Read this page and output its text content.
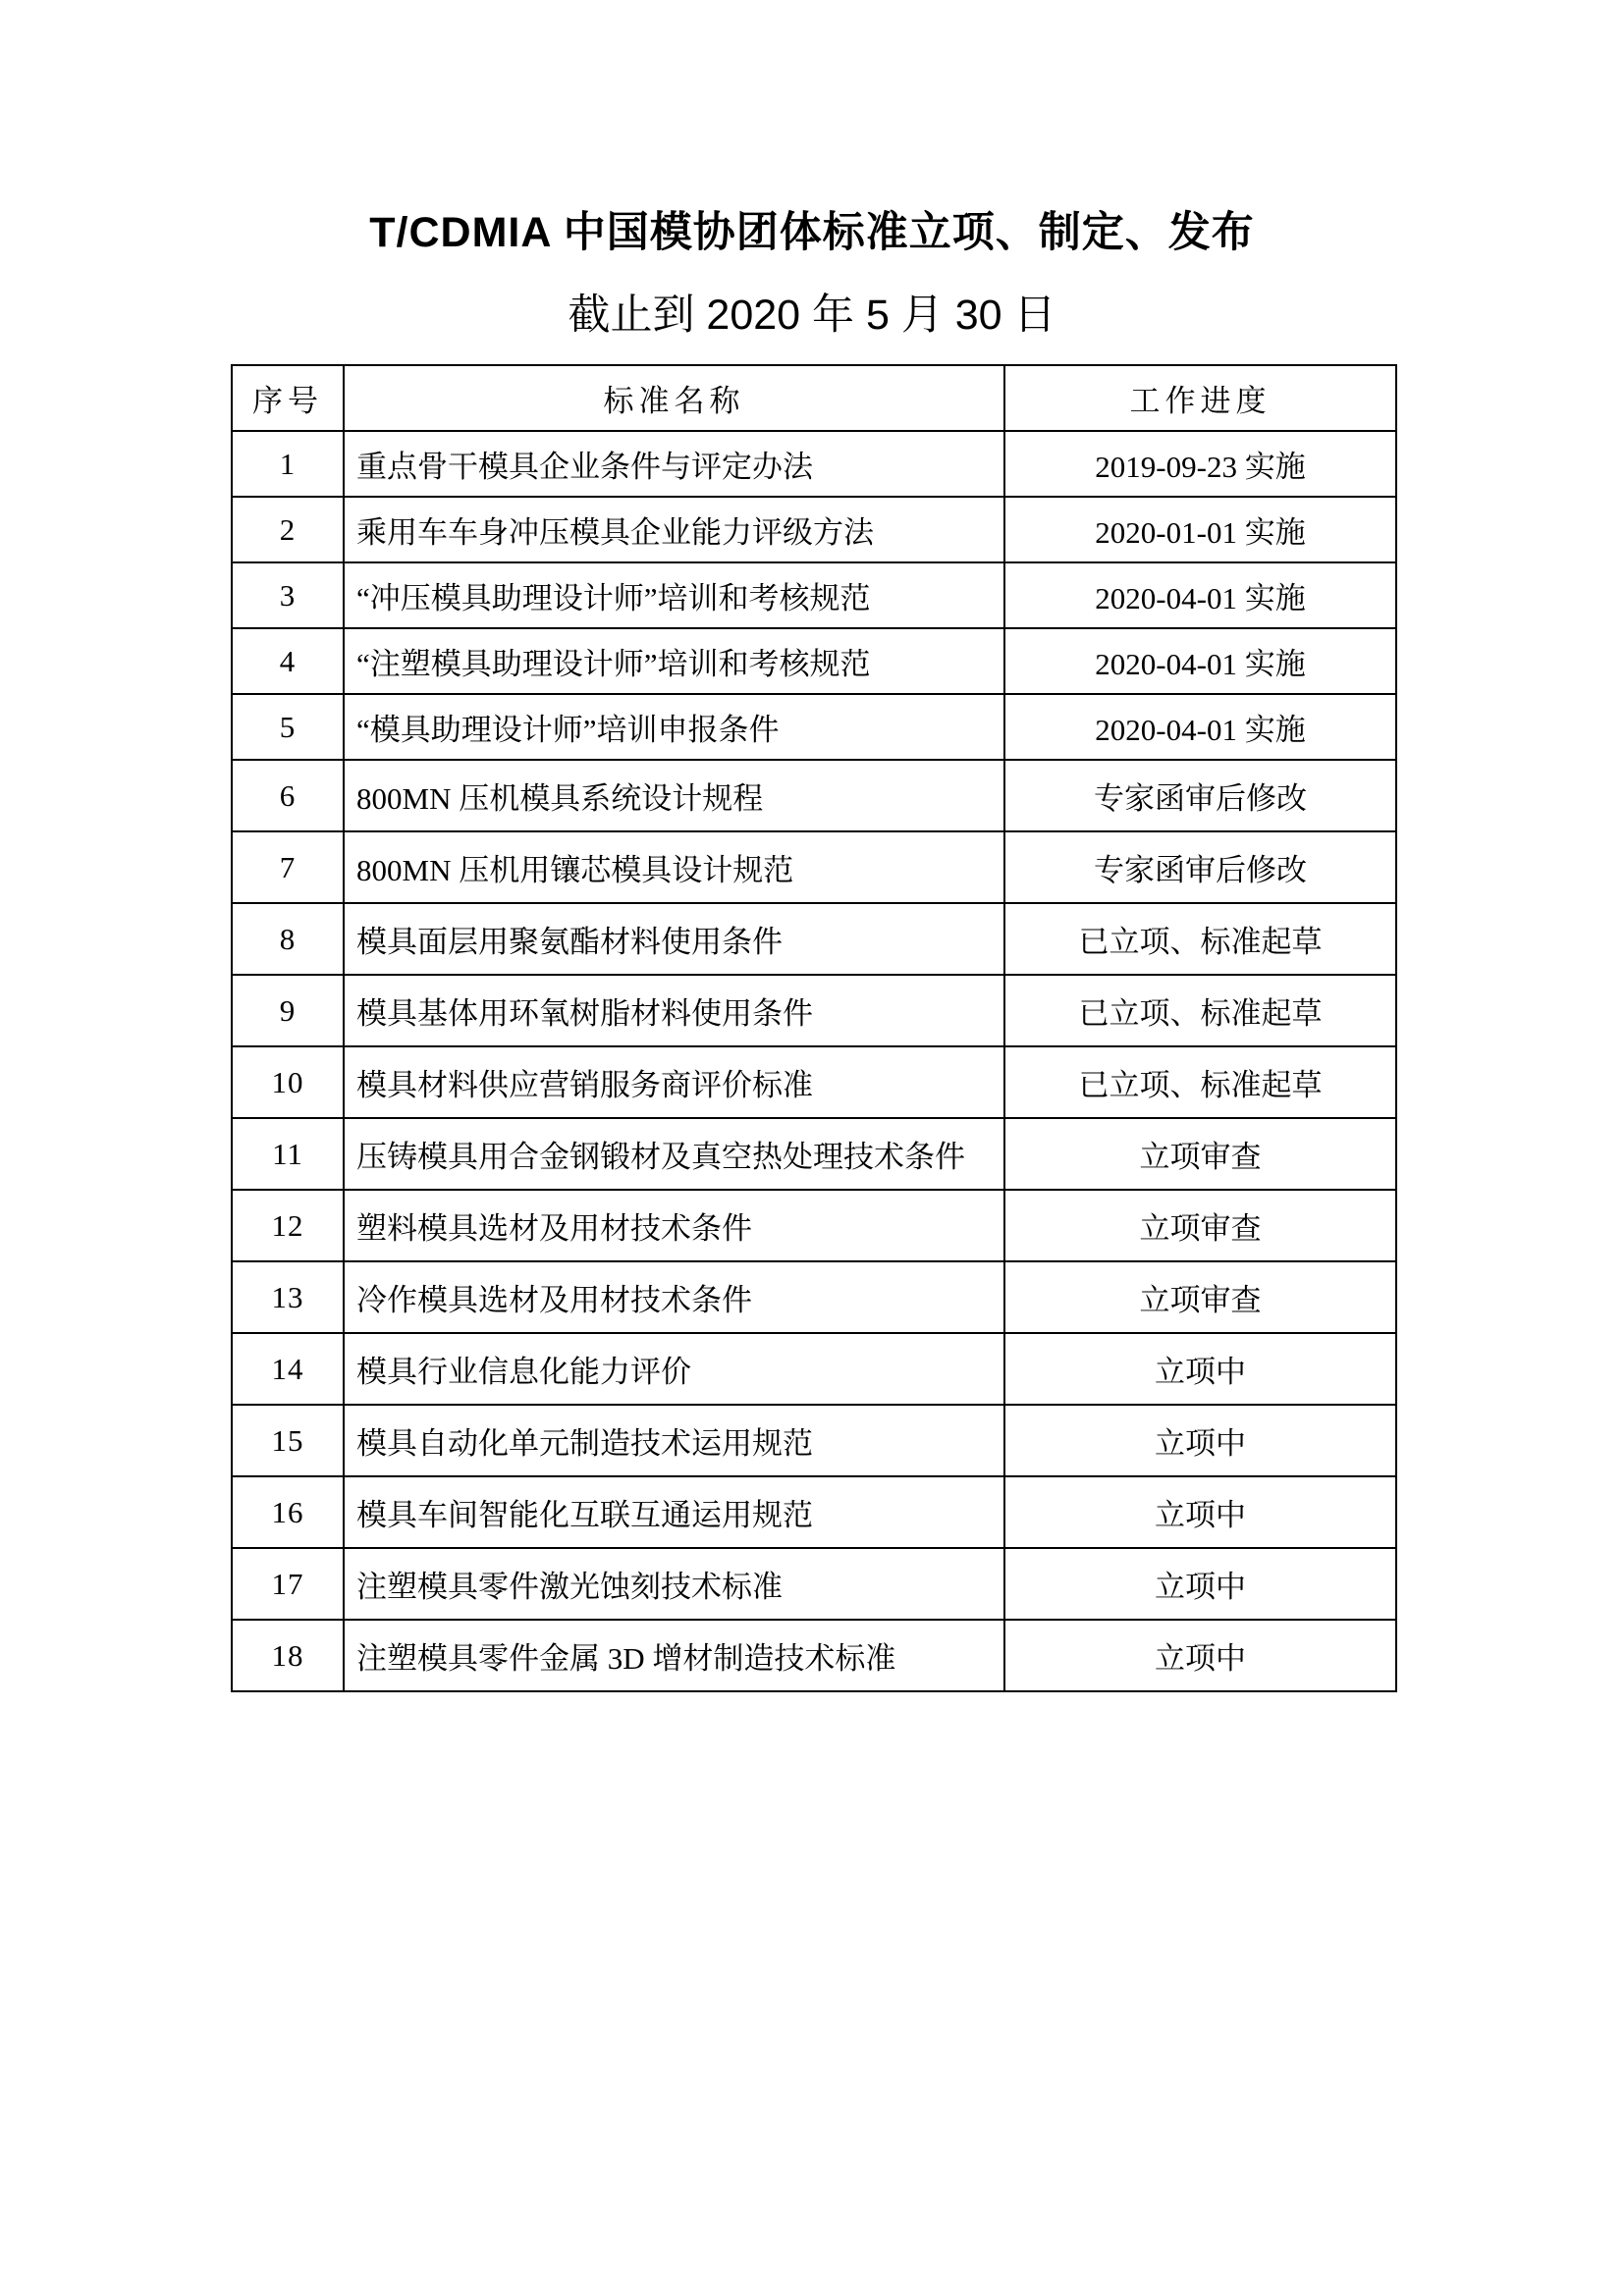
T/CDMIA 中国模协团体标准立项、制定、发布
截止到 2020 年 5 月 30 日
序号	标准名称	工作进度
1	重点骨干模具企业条件与评定办法	2019-09-23 实施
2	乘用车车身冲压模具企业能力评级方法	2020-01-01 实施
3	“冲压模具助理设计师”培训和考核规范	2020-04-01 实施
4	“注塑模具助理设计师”培训和考核规范	2020-04-01 实施
5	“模具助理设计师”培训申报条件	2020-04-01 实施
6	800MN 压机模具系统设计规程	专家函审后修改
7	800MN 压机用镶芯模具设计规范	专家函审后修改
8	模具面层用聚氨酯材料使用条件	已立项、标准起草
9	模具基体用环氧树脂材料使用条件	已立项、标准起草
10	模具材料供应营销服务商评价标准	已立项、标准起草
11	压铸模具用合金钢锻材及真空热处理技术条件	立项审查
12	塑料模具选材及用材技术条件	立项审查
13	冷作模具选材及用材技术条件	立项审查
14	模具行业信息化能力评价	立项中
15	模具自动化单元制造技术运用规范	立项中
16	模具车间智能化互联互通运用规范	立项中
17	注塑模具零件激光蚀刻技术标准	立项中
18	注塑模具零件金属 3D 增材制造技术标准	立项中
